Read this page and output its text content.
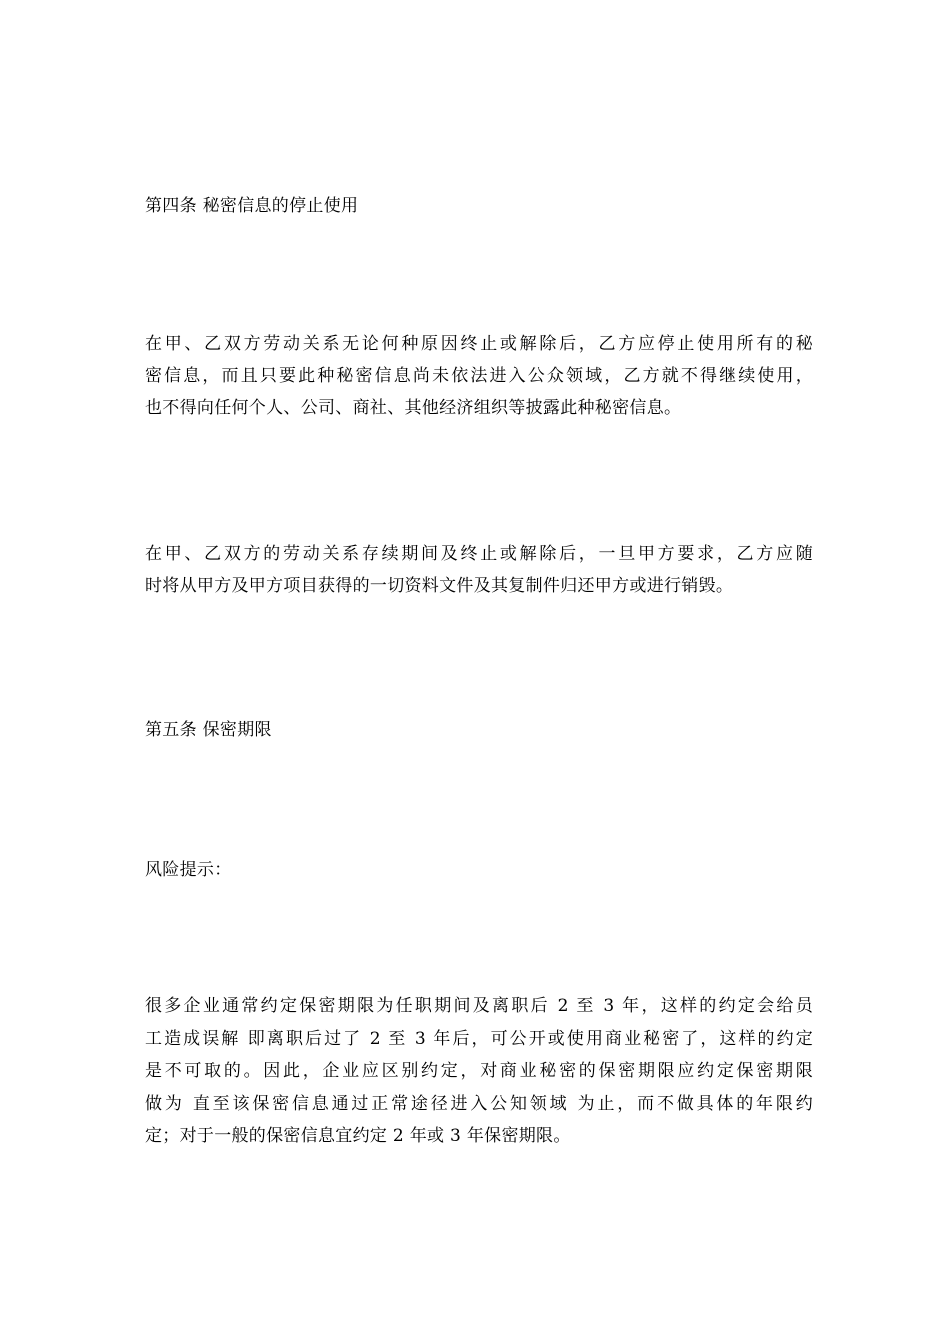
第四条 秘密信息的停止使用

在甲、乙双方劳动关系无论何种原因终止或解除后，乙方应停止使用所有的秘
密信息，而且只要此种秘密信息尚未依法进入公众领域，乙方就不得继续使用，
也不得向任何个人、公司、商社、其他经济组织等披露此种秘密信息。
在甲、乙双方的劳动关系存续期间及终止或解除后，一旦甲方要求，乙方应随
时将从甲方及甲方项目获得的一切资料文件及其复制件归还甲方或进行销毁。

第五条 保密期限

风险提示：

很多企业通常约定保密期限为任职期间及离职后 2 至 3 年，这样的约定会给员
工造成误解 即离职后过了 2 至 3 年后，可公开或使用商业秘密了，这样的约定
是不可取的。因此，企业应区别约定，对商业秘密的保密期限应约定保密期限
做为 直至该保密信息通过正常途径进入公知领域 为止，而不做具体的年限约
定；对于一般的保密信息宜约定 2 年或 3 年保密期限。
